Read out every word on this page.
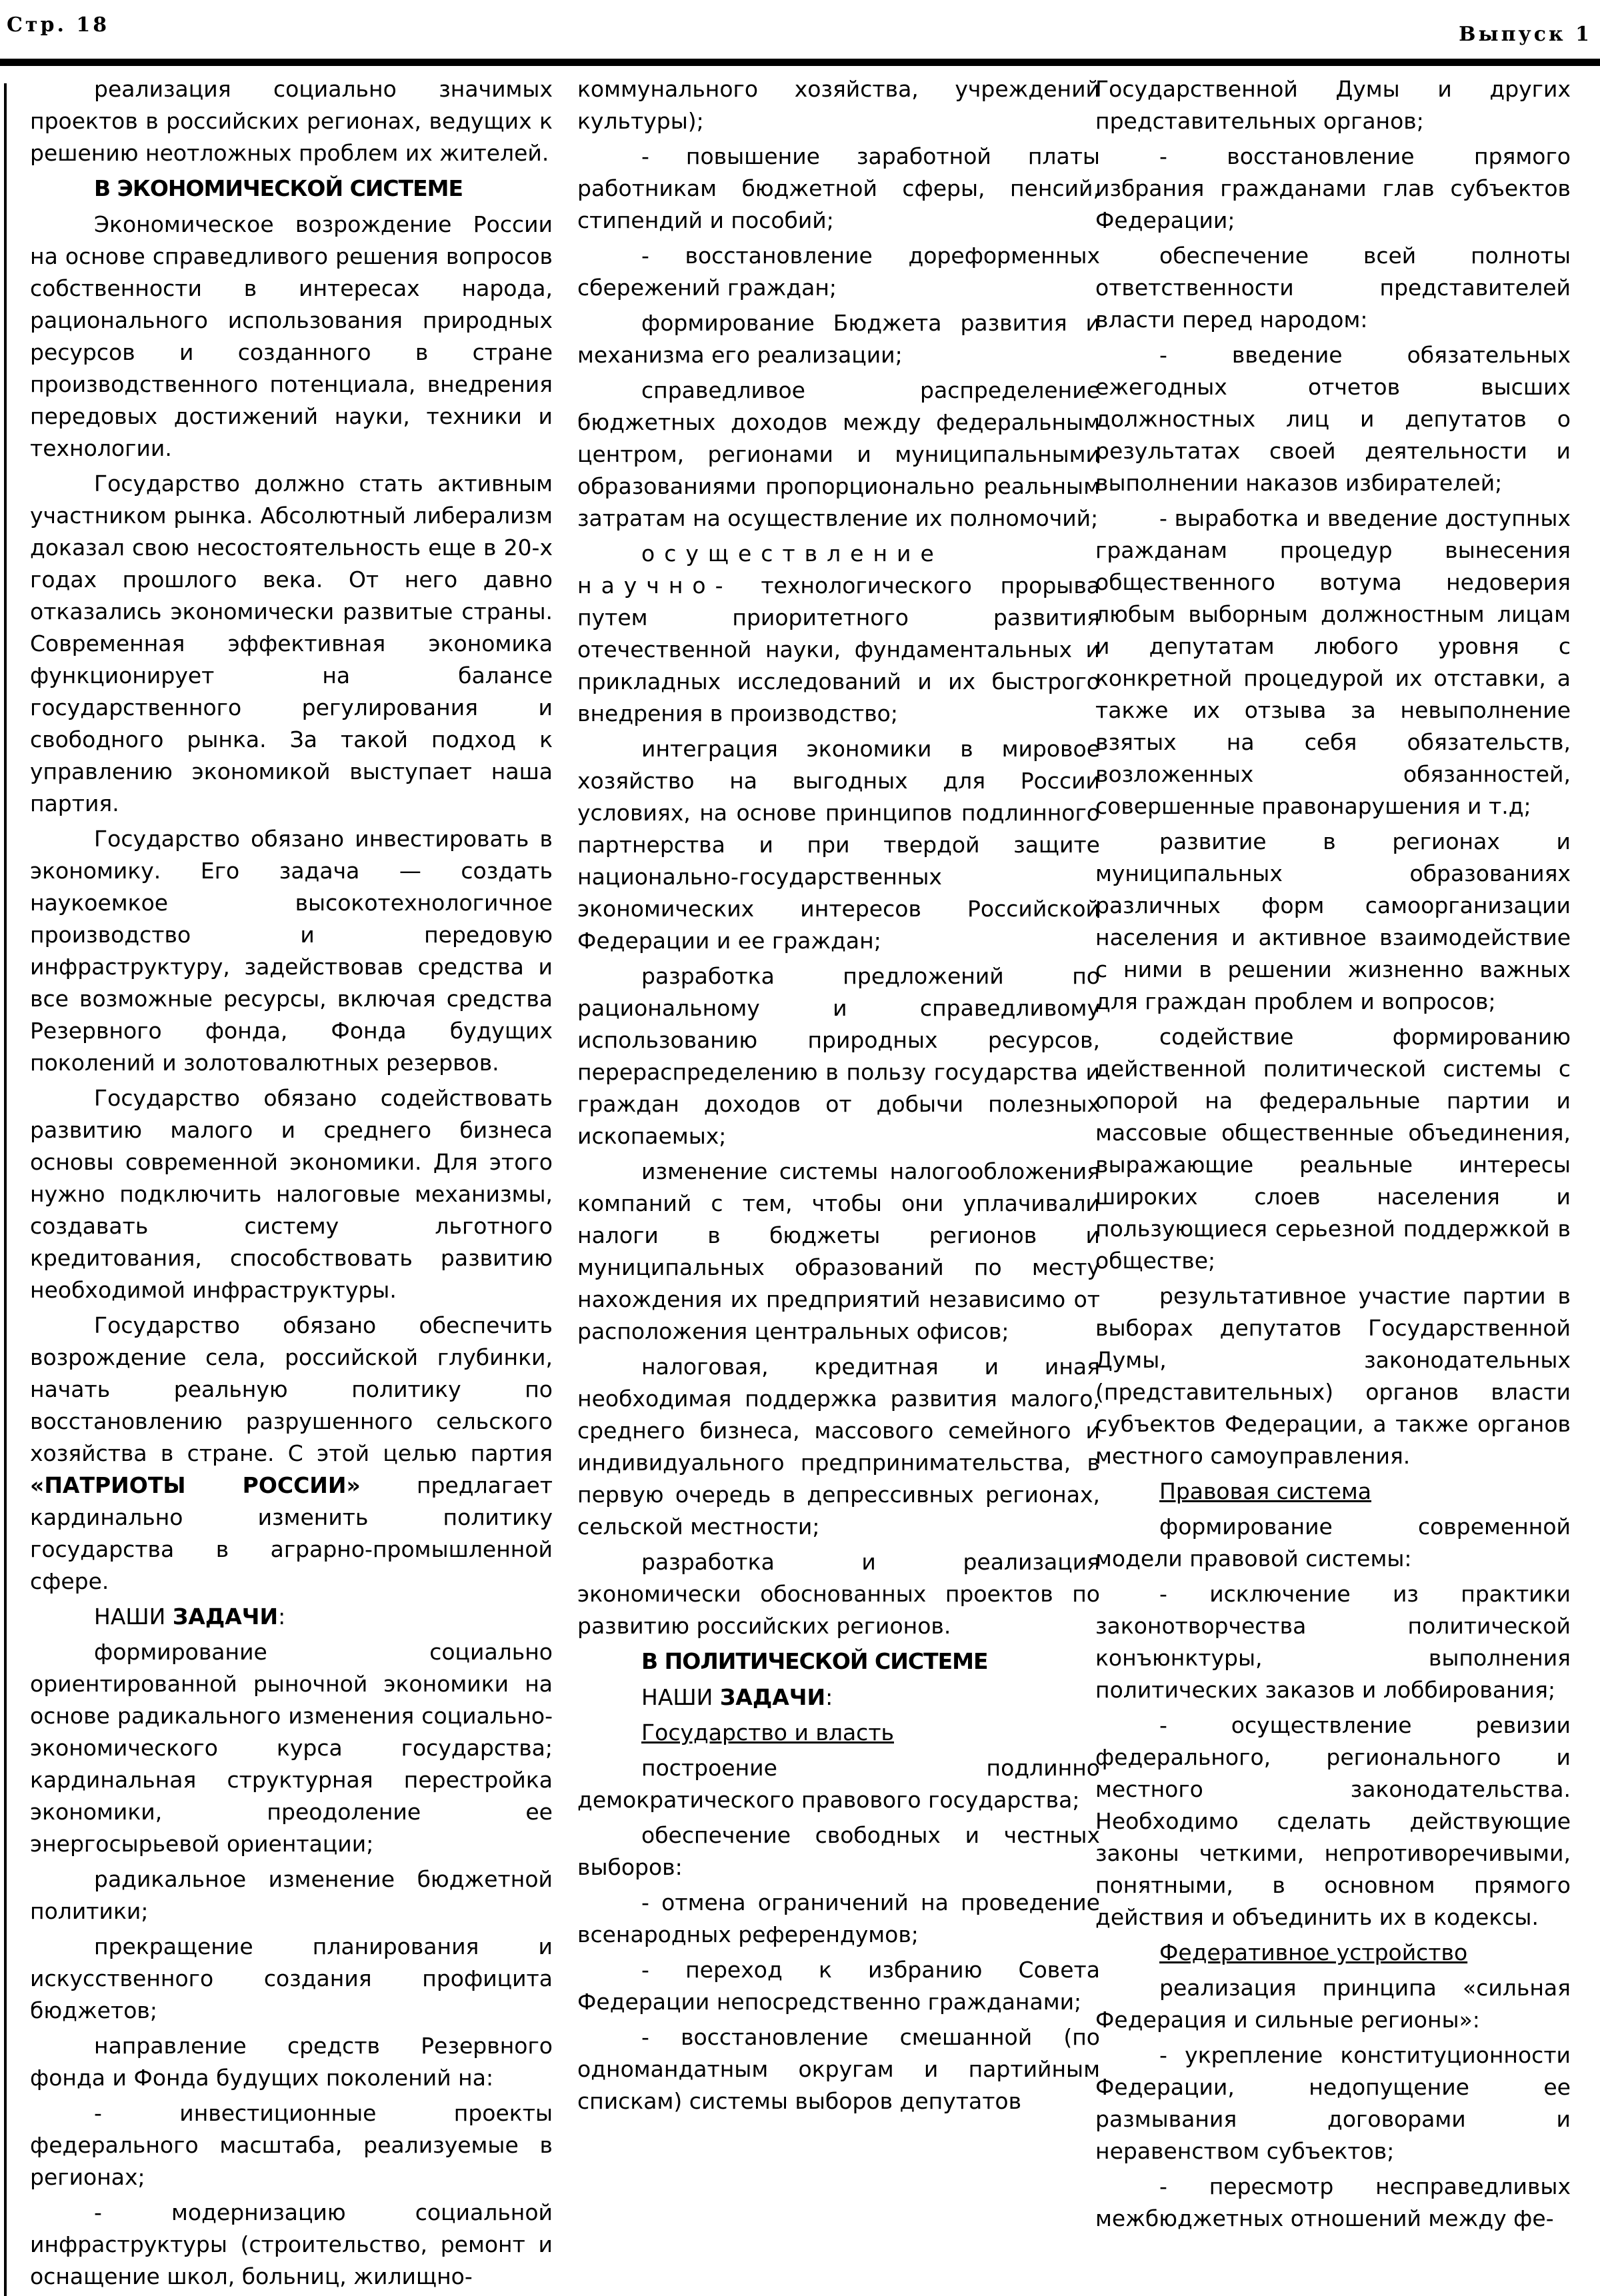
Стр. 18	Выпуск 1

реализация социально значимых проектов в российских регионах, ведущих к решению неотложных проблем их жителей.

В ЭКОНОМИЧЕСКОЙ СИСТЕМЕ

Экономическое возрождение России на основе справедливого решения вопросов собственности в интересах народа, рационального использования природных ресурсов и созданного в стране производственного потенциала, внедрения передовых достижений науки, техники и технологии.

Государство должно стать активным участником рынка. Абсолютный либерализм доказал свою несостоятельность еще в 20-х годах прошлого века. От него давно отказались экономически развитые страны. Современная эффективная экономика функционирует на балансе государственного регулирования и свободного рынка. За такой подход к управлению экономикой выступает наша партия.

Государство обязано инвестировать в экономику. Его задача — создать наукоемкое высокотехнологичное производство и передовую инфраструктуру, задействовав средства и все возможные ресурсы, включая средства Резервного фонда, Фонда будущих поколений и золотовалютных резервов.

Государство обязано содействовать развитию малого и среднего бизнеса основы современной экономики. Для этого нужно подключить налоговые механизмы, создавать систему льготного кредитования, способствовать развитию необходимой инфраструктуры.

Государство обязано обеспечить возрождение села, российской глубинки, начать реальную политику по восстановлению разрушенного сельского хозяйства в стране. С этой целью партия «ПАТРИОТЫ РОССИИ» предлагает кардинально изменить политику государства в аграрно-промышленной сфере.

НАШИ ЗАДАЧИ:

формирование социально ориентированной рыночной экономики на основе радикального изменения социально-экономического курса государства; кардинальная структурная перестройка экономики, преодоление ее энергосырьевой ориентации;

радикальное изменение бюджетной политики;

прекращение планирования и искусственного создания профицита бюджетов;

направление средств Резервного фонда и Фонда будущих поколений на:

- инвестиционные проекты федерального масштаба, реализуемые в регионах;

- модернизацию социальной инфраструктуры (строительство, ремонт и оснащение школ, больниц, жилищно-

коммунального хозяйства, учреждений культуры);

- повышение заработной платы работникам бюджетной сферы, пенсий, стипендий и пособий;

- восстановление дореформенных сбережений граждан;

формирование Бюджета развития и механизма его реализации;

справедливое распределение бюджетных доходов между федеральным центром, регионами и муниципальными образованиями пропорционально реальным затратам на осуществление их полномочий;

осуществление научно- технологического прорыва путем приоритетного развития отечественной науки, фундаментальных и прикладных исследований и их быстрого внедрения в производство;

интеграция экономики в мировое хозяйство на выгодных для России условиях, на основе принципов подлинного партнерства и при твердой защите национально-государственных экономических интересов Российской Федерации и ее граждан;

разработка предложений по рациональному и справедливому использованию природных ресурсов, перераспределению в пользу государства и граждан доходов от добычи полезных ископаемых;

изменение системы налогообложения компаний с тем, чтобы они уплачивали налоги в бюджеты регионов и муниципальных образований по месту нахождения их предприятий независимо от расположения центральных офисов;

налоговая, кредитная и иная необходимая поддержка развития малого, среднего бизнеса, массового семейного и индивидуального предпринимательства, в первую очередь в депрессивных регионах, сельской местности;

разработка и реализация экономически обоснованных проектов по развитию российских регионов.

В ПОЛИТИЧЕСКОЙ СИСТЕМЕ

НАШИ ЗАДАЧИ:

Государство и власть

построение подлинно демократического правового государства;

обеспечение свободных и честных выборов:

- отмена ограничений на проведение всенародных референдумов;

- переход к избранию Совета Федерации непосредственно гражданами;

- восстановление смешанной (по одномандатным округам и партийным спискам) системы выборов депутатов

Государственной Думы и других представительных органов;

- восстановление прямого избрания гражданами глав субъектов Федерации;

обеспечение всей полноты ответственности представителей власти перед народом:

- введение обязательных ежегодных отчетов высших должностных лиц и депутатов о результатах своей деятельности и выполнении наказов избирателей;

- выработка и введение доступных гражданам процедур вынесения общественного вотума недоверия любым выборным должностным лицам и депутатам любого уровня с конкретной процедурой их отставки, а также их отзыва за невыполнение взятых на себя обязательств, возложенных обязанностей, совершенные правонарушения и т.д;

развитие в регионах и муниципальных образованиях различных форм самоорганизации населения и активное взаимодействие с ними в решении жизненно важных для граждан проблем и вопросов;

содействие формированию действенной политической системы с опорой на федеральные партии и массовые общественные объединения, выражающие реальные интересы широких слоев населения и пользующиеся серьезной поддержкой в обществе;

результативное участие партии в выборах депутатов Государственной Думы, законодательных (представительных) органов власти субъектов Федерации, а также органов местного самоуправления.

Правовая система

формирование современной модели правовой системы:

- исключение из практики законотворчества политической конъюнктуры, выполнения политических заказов и лоббирования;

- осуществление ревизии федерального, регионального и местного законодательства. Необходимо сделать действующие законы четкими, непротиворечивыми, понятными, в основном прямого действия и объединить их в кодексы.

Федеративное устройство

реализация принципа «сильная Федерация и сильные регионы»:

- укрепление конституционности Федерации, недопущение ее размывания договорами и неравенством субъектов;

- пересмотр несправедливых межбюджетных отношений между фе-
